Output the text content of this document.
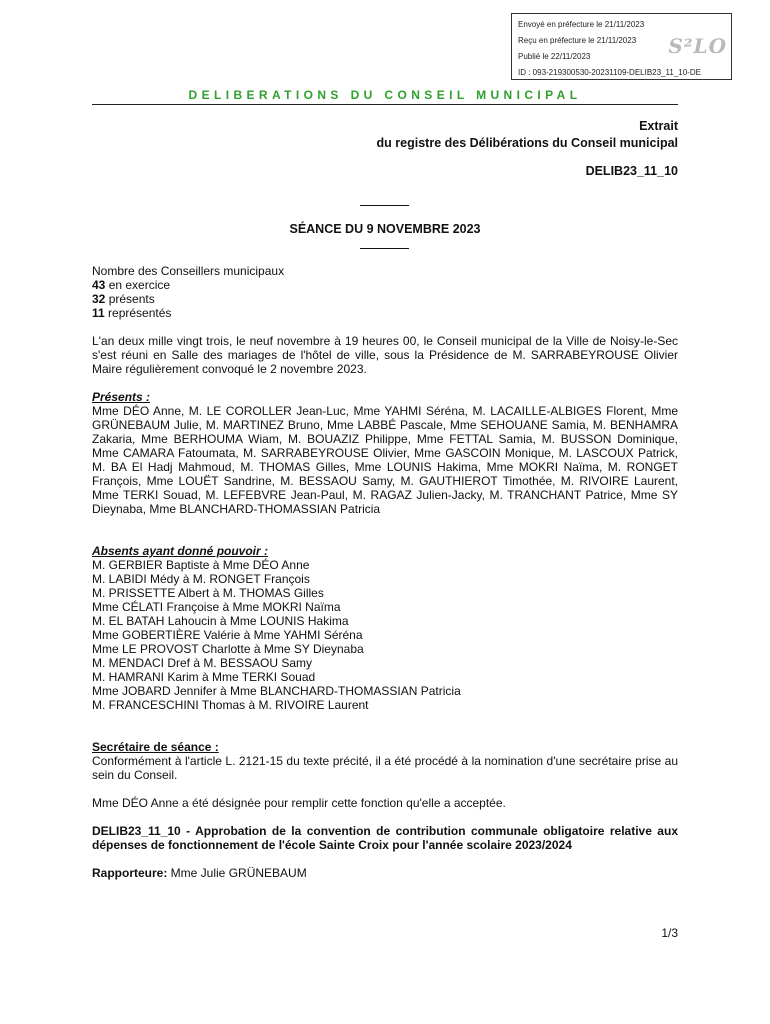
Envoyé en préfecture le 21/11/2023
Reçu en préfecture le 21/11/2023
Publié le 22/11/2023
ID : 093-219300530-20231109-DELIB23_11_10-DE
S²LO
DELIBERATIONS DU CONSEIL MUNICIPAL
Extrait
du registre des Délibérations du Conseil municipal
DELIB23_11_10
SÉANCE DU 9 NOVEMBRE 2023
Nombre des Conseillers municipaux
43 en exercice
32 présents
11 représentés
L'an deux mille vingt trois, le neuf novembre à 19 heures 00, le Conseil municipal de la Ville de Noisy-le-Sec s'est réuni en Salle des mariages de l'hôtel de ville, sous la Présidence de M. SARRABEYROUSE Olivier Maire régulièrement convoqué le 2 novembre 2023.
Présents :
Mme DÉO Anne, M. LE COROLLER Jean-Luc, Mme YAHMI Séréna, M. LACAILLE-ALBIGES Florent, Mme GRÜNEBAUM Julie, M. MARTINEZ Bruno, Mme LABBÉ Pascale, Mme SEHOUANE Samia, M. BENHAMRA Zakaria, Mme BERHOUMA Wiam, M. BOUAZIZ Philippe, Mme FETTAL Samia, M. BUSSON Dominique, Mme CAMARA Fatoumata, M. SARRABEYROUSE Olivier, Mme GASCOIN Monique, M. LASCOUX Patrick, M. BA El Hadj Mahmoud, M. THOMAS Gilles, Mme LOUNIS Hakima, Mme MOKRI Naïma, M. RONGET François, Mme LOUËT Sandrine, M. BESSAOU Samy, M. GAUTHIEROT Timothée, M. RIVOIRE Laurent, Mme TERKI Souad, M. LEFEBVRE Jean-Paul, M. RAGAZ Julien-Jacky, M. TRANCHANT Patrice, Mme SY Dieynaba, Mme BLANCHARD-THOMASSIAN Patricia
Absents ayant donné pouvoir :
M. GERBIER Baptiste à Mme DÉO Anne
M. LABIDI Médy à M. RONGET François
M. PRISSETTE Albert à M. THOMAS Gilles
Mme CÉLATI Françoise à Mme MOKRI Naïma
M. EL BATAH Lahoucin à Mme LOUNIS Hakima
Mme GOBERTIÈRE Valérie à Mme YAHMI Séréna
Mme LE PROVOST Charlotte à Mme SY Dieynaba
M. MENDACI Dref à M. BESSAOU Samy
M. HAMRANI Karim à Mme TERKI Souad
Mme JOBARD Jennifer à Mme BLANCHARD-THOMASSIAN Patricia
M. FRANCESCHINI Thomas à M. RIVOIRE Laurent
Secrétaire de séance :
Conformément à l'article L. 2121-15 du texte précité, il a été procédé à la nomination d'une secrétaire prise au sein du Conseil.
Mme DÉO Anne a été désignée pour remplir cette fonction qu'elle a acceptée.
DELIB23_11_10 - Approbation de la convention de contribution communale obligatoire relative aux dépenses de fonctionnement de l'école Sainte Croix pour l'année scolaire 2023/2024
Rapporteure: Mme Julie GRÜNEBAUM
1/3
